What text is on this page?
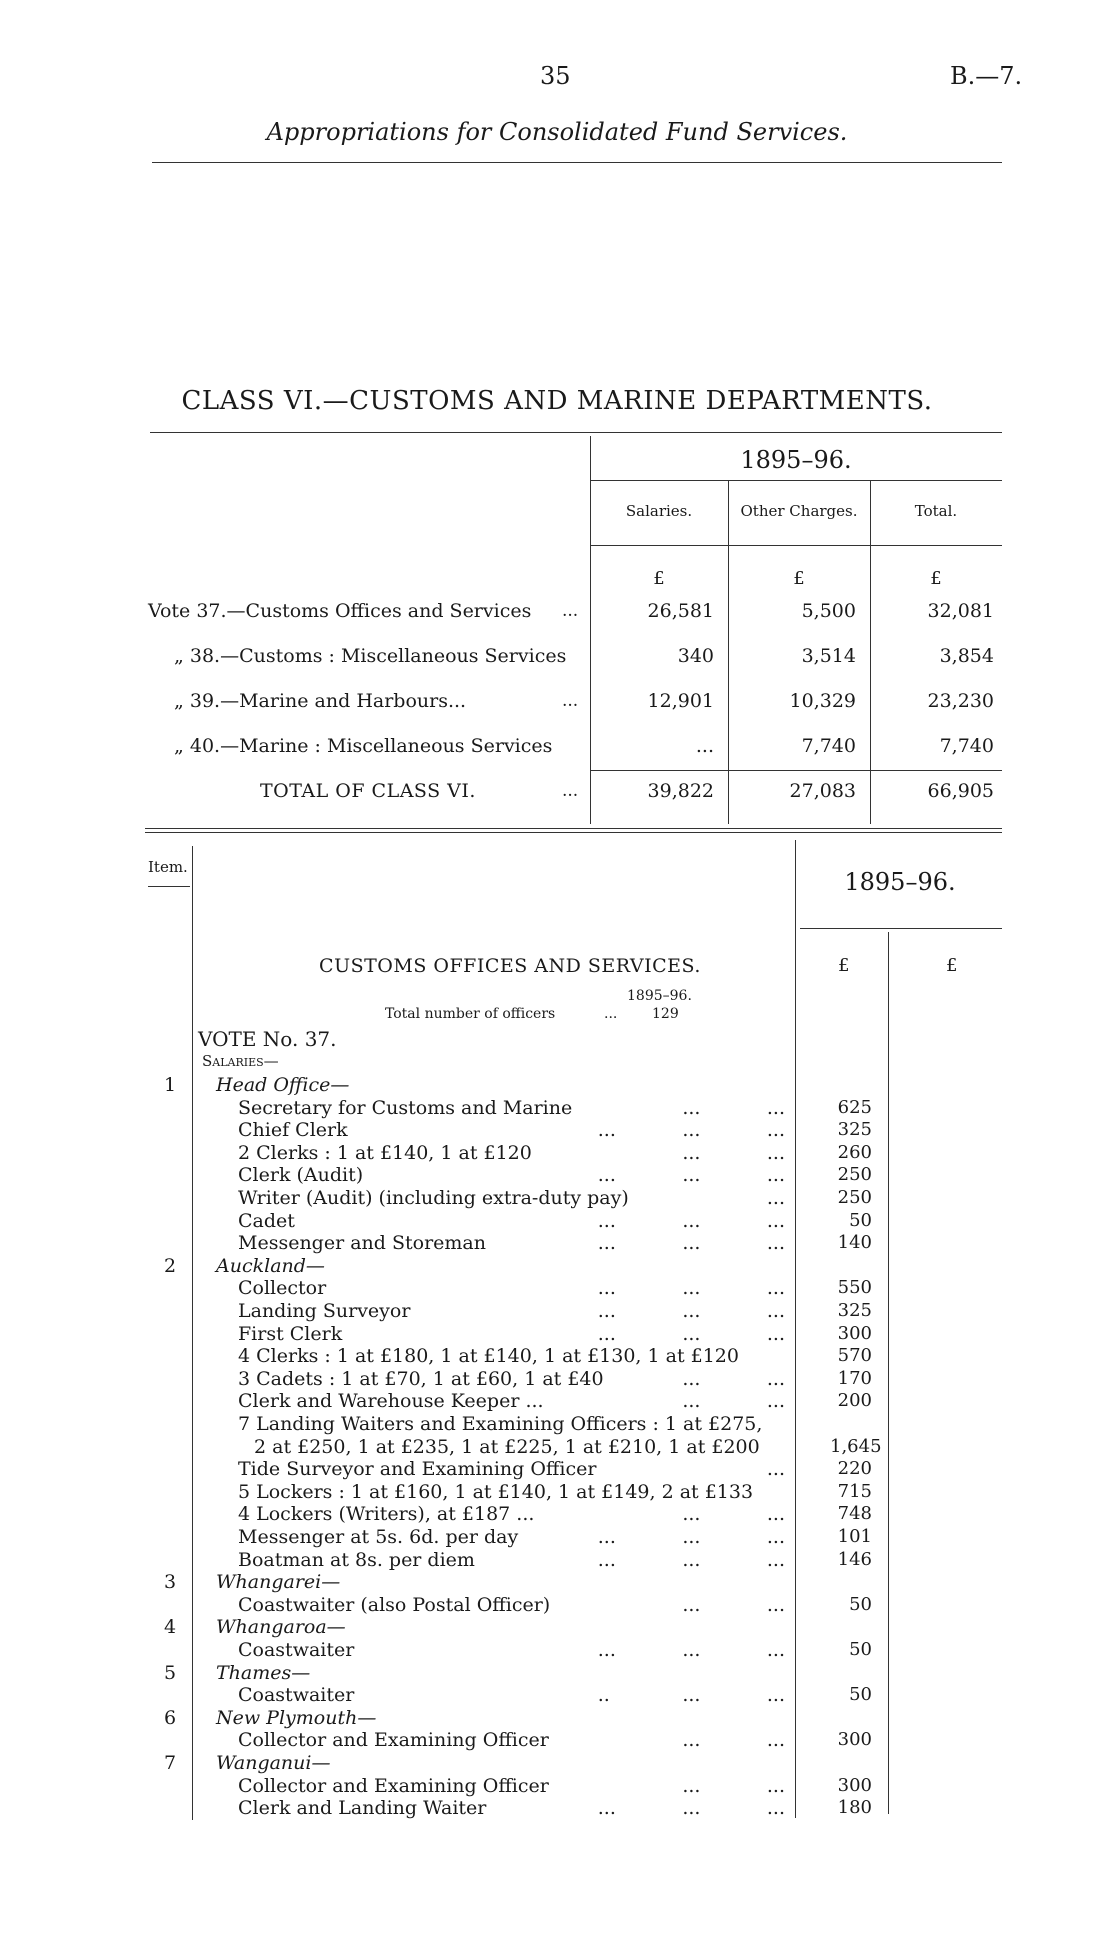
35	B.—7.
Appropriations for Consolidated Fund Services.
CLASS VI.—CUSTOMS AND MARINE DEPARTMENTS.
1895–96.
Salaries.	Other Charges.	Total.
£	£	£
Vote 37.—Customs Offices and Services ...	26,581	5,500	32,081
„ 38.—Customs : Miscellaneous Services	340	3,514	3,854
„ 39.—Marine and Harbours...	...	12,901	10,329	23,230
„ 40.—Marine : Miscellaneous Services	...	7,740	7,740
TOTAL OF CLASS VI.	...	39,822	27,083	66,905
Item.
1895–96.
CUSTOMS OFFICES AND SERVICES.	£	£
1895–96.
Total number of officers	... 129
VOTE No. 37.
Salaries—
1	Head Office—
Secretary for Customs and Marine	...           ...	625
Chief Clerk	...           ...           ...	325
2 Clerks : 1 at £140, 1 at £120	...           ...	260
Clerk (Audit)	...           ...           ...	250
Writer (Audit) (including extra-duty pay)	...	250
Cadet	...           ...           ...	50
Messenger and Storeman	...           ...           ...	140
2	Auckland—
Collector	...           ...           ...	550
Landing Surveyor	...           ...           ...	325
First Clerk	...           ...           ...	300
4 Clerks : 1 at £180, 1 at £140, 1 at £130, 1 at £120	570
3 Cadets : 1 at £70, 1 at £60, 1 at £40	...           ...	170
Clerk and Warehouse Keeper ...	...           ...	200
7 Landing Waiters and Examining Officers : 1 at £275,
2 at £250, 1 at £235, 1 at £225, 1 at £210, 1 at £200	1,645
Tide Surveyor and Examining Officer	...	220
5 Lockers : 1 at £160, 1 at £140, 1 at £149, 2 at £133	715
4 Lockers (Writers), at £187 ...	...           ...	748
Messenger at 5s. 6d. per day	...           ...           ...	101
Boatman at 8s. per diem	...           ...           ...	146
3	Whangarei—
Coastwaiter (also Postal Officer)	...           ...	50
4	Whangaroa—
Coastwaiter	...           ...           ...	50
5	Thames—
Coastwaiter	..            ...           ...	50
6	New Plymouth—
Collector and Examining Officer	...           ...	300
7	Wanganui—
Collector and Examining Officer	...           ...	300
Clerk and Landing Waiter	...           ...           ...	180
